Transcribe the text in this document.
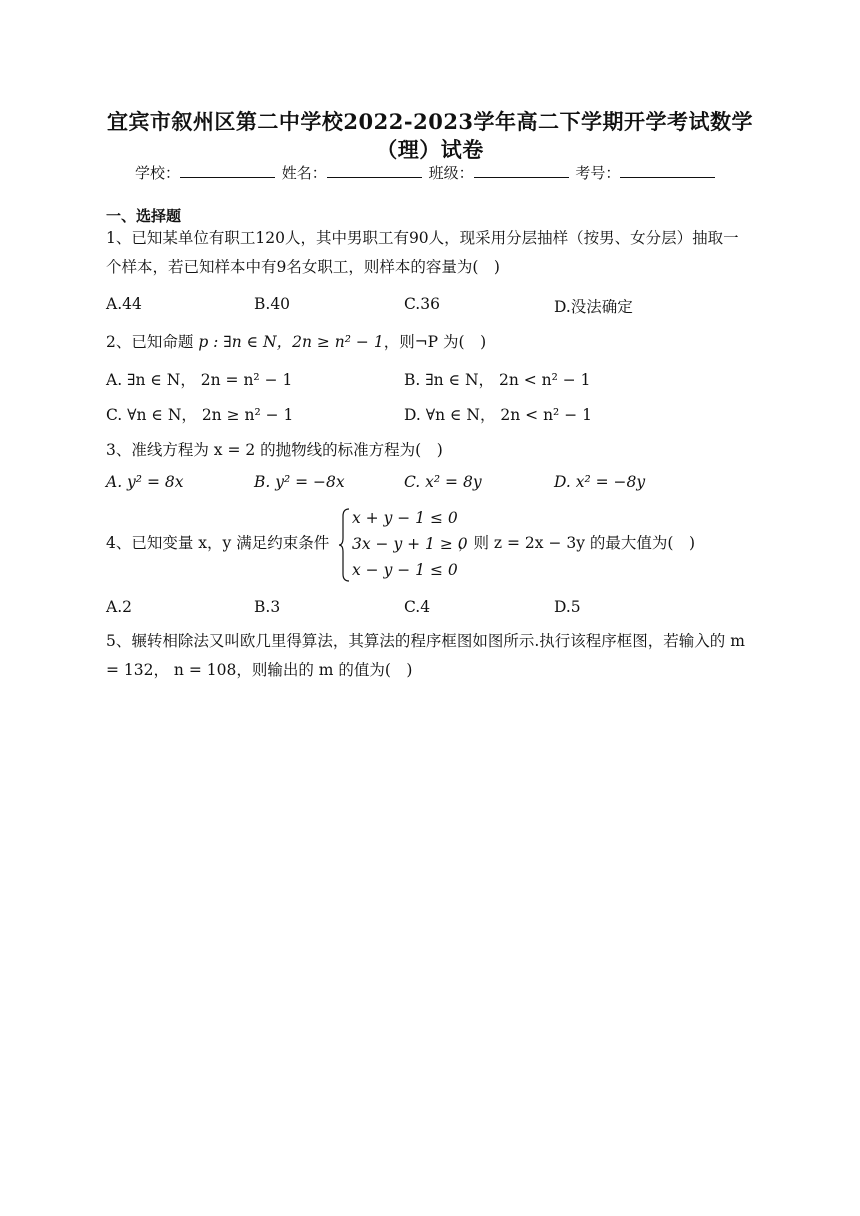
宜宾市叙州区第二中学校2022-2023学年高二下学期开学考试数学
（理）试卷
学校：	姓名：	班级：	考号：
一、选择题
1、已知某单位有职工120人，其中男职工有90人，现采用分层抽样（按男、女分层）抽取一个样本，若已知样本中有9名女职工，则样本的容量为(　)
A.44	B.40	C.36	D.没法确定
2、已知命题 p : ∃n ∈ N，2n ≥ n² − 1，则¬P 为(　)
A. ∃n ∈ N， 2n = n² − 1	B. ∃n ∈ N， 2n < n² − 1
C. ∀n ∈ N， 2n ≥ n² − 1	D. ∀n ∈ N， 2n < n² − 1
3、准线方程为 x = 2 的抛物线的标准方程为(　)
A. y² = 8x	B. y² = −8x	C. x² = 8y	D. x² = −8y
4、已知变量 x，y 满足约束条件
x + y − 1 ≤ 0
3x − y + 1 ≥ 0
x − y − 1 ≤ 0
，则 z = 2x − 3y 的最大值为(　)
A.2	B.3	C.4	D.5
5、辗转相除法又叫欧几里得算法，其算法的程序框图如图所示.执行该程序框图，若输入的 m = 132， n = 108，则输出的 m 的值为(　)
